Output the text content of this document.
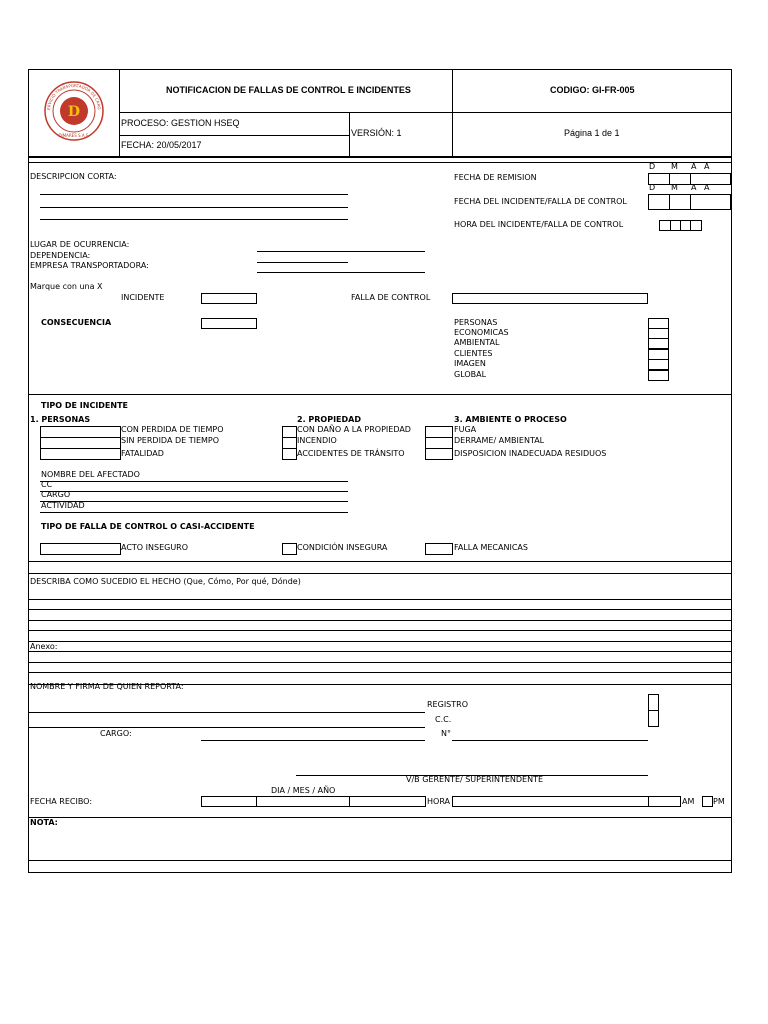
D
ERVICIO TRANSPORTADOR DE CARG
DIMARES S.A.S.
NOTIFICACION DE FALLAS DE CONTROL E INCIDENTES	CODIGO: GI-FR-005
PROCESO: GESTION HSEQ
VERSIÓN: 1	Página 1 de 1
FECHA: 20/05/2017
DESCRIPCION CORTA:
D M A A
FECHA DE REMISION
D M A A
FECHA DEL INCIDENTE/FALLA DE CONTROL
HORA DEL INCIDENTE/FALLA DE CONTROL
LUGAR DE OCURRENCIA:
DEPENDENCIA:
EMPRESA TRANSPORTADORA:
Marque con una X
INCIDENTE	FALLA DE CONTROL
CONSECUENCIA	PERSONAS
ECONOMICAS
AMBIENTAL
CLIENTES
IMAGEN
GLOBAL
TIPO DE INCIDENTE
1. PERSONAS	2. PROPIEDAD	3. AMBIENTE O PROCESO
CON PERDIDA DE TIEMPO
SIN PERDIDA DE TIEMPO
FATALIDAD
CON DAÑO A LA PROPIEDAD
INCENDIO
ACCIDENTES DE TRÁNSITO
FUGA
DERRAME/ AMBIENTAL
DISPOSICION INADECUADA RESIDUOS
NOMBRE DEL AFECTADO
CC
CARGO
ACTIVIDAD
TIPO DE FALLA DE CONTROL O CASI-ACCIDENTE
ACTO INSEGURO	CONDICIÓN INSEGURA	FALLA MECANICAS
DESCRIBA COMO SUCEDIO EL HECHO (Que, Cómo, Por qué, Dónde)
Anexo:
NOMBRE Y FIRMA DE QUIEN REPORTA:
REGISTRO
C.C.
N°
CARGO:
V/B GERENTE/ SUPERINTENDENTE
DIA / MES / AÑO
FECHA RECIBO:	HORA	AM PM
NOTA:
